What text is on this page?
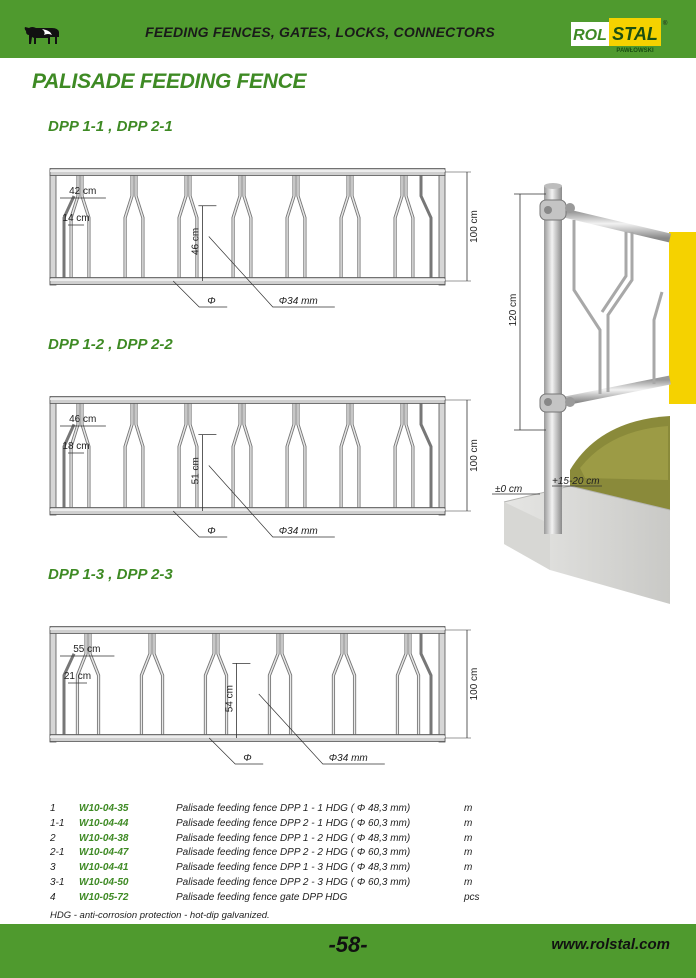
FEEDING FENCES, GATES, LOCKS, CONNECTORS	ROL STAL
PAWŁOWSKI
®
PALISADE FEEDING FENCE
DPP 1-1 , DPP 2-1
DPP 1-2 , DPP 2-2
DPP 1-3 , DPP 2-3
42 cm
14 cm
46 cm	100 cm
Φ	Φ34 mm
46 cm
18 cm
51 cm	100 cm
Φ	Φ34 mm
55 cm
21 cm
54 cm	100 cm
Φ	Φ34 mm
120 cm
±0 cm
+15-20 cm
1 W10-04-35	Palisade feeding fence DPP 1 - 1 HDG ( Φ 48,3 mm)	m
1-1 W10-04-44	Palisade feeding fence DPP 2 - 1 HDG ( Φ 60,3 mm)	m
2 W10-04-38	Palisade feeding fence DPP 1 - 2 HDG ( Φ 48,3 mm)	m
2-1 W10-04-47	Palisade feeding fence DPP 2 - 2 HDG ( Φ 60,3 mm)	m
3 W10-04-41	Palisade feeding fence DPP 1 - 3 HDG ( Φ 48,3 mm)	m
3-1 W10-04-50	Palisade feeding fence DPP 2 - 3 HDG ( Φ 60,3 mm)	m
4 W10-05-72	Palisade feeding fence gate DPP HDG	pcs
HDG - anti-corrosion protection - hot-dip galvanized.
-58-	www.rolstal.com
